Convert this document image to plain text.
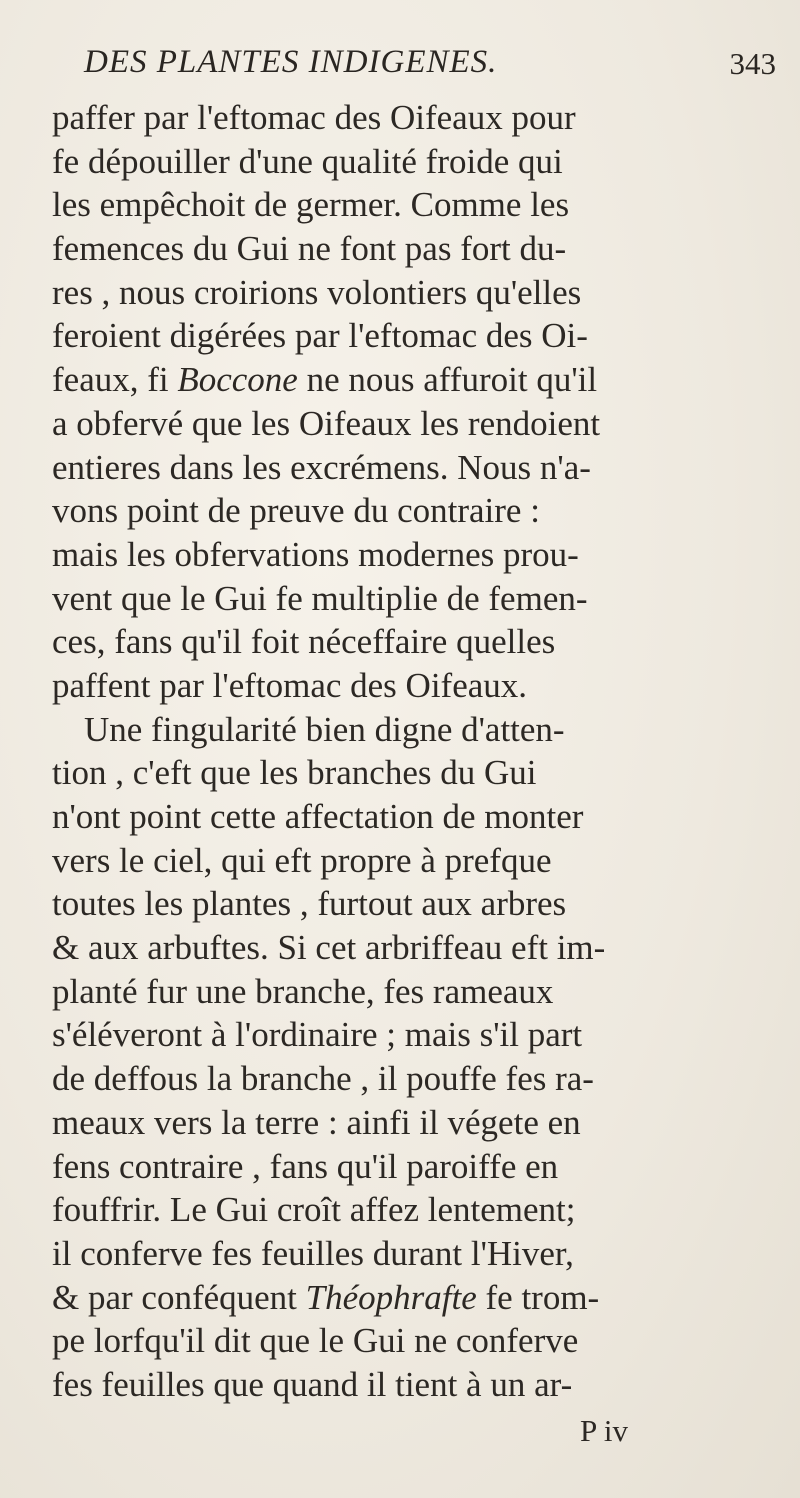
DES PLANTES INDIGENES.	343
paffer par l'eftomac des Oifeaux pour
fe dépouiller d'une qualité froide qui
les empêchoit de germer. Comme les
femences du Gui ne font pas fort du-
res , nous croirions volontiers qu'elles
feroient digérées par l'eftomac des Oi-
feaux, fi Boccone ne nous affuroit qu'il
a obfervé que les Oifeaux les rendoient
entieres dans les excrémens. Nous n'a-
vons point de preuve du contraire :
mais les obfervations modernes prou-
vent que le Gui fe multiplie de femen-
ces, fans qu'il foit néceffaire quelles
paffent par l'eftomac des Oifeaux.
Une fingularité bien digne d'atten-
tion , c'eft que les branches du Gui
n'ont point cette affectation de monter
vers le ciel, qui eft propre à prefque
toutes les plantes , furtout aux arbres
& aux arbuftes. Si cet arbriffeau eft im-
planté fur une branche, fes rameaux
s'éléveront à l'ordinaire ; mais s'il part
de deffous la branche , il pouffe fes ra-
meaux vers la terre : ainfi il végete en
fens contraire , fans qu'il paroiffe en
fouffrir. Le Gui croît affez lentement;
il conferve fes feuilles durant l'Hiver,
& par conféquent Théophrafte fe trom-
pe lorfqu'il dit que le Gui ne conferve
fes feuilles que quand il tient à un ar-
P iv
